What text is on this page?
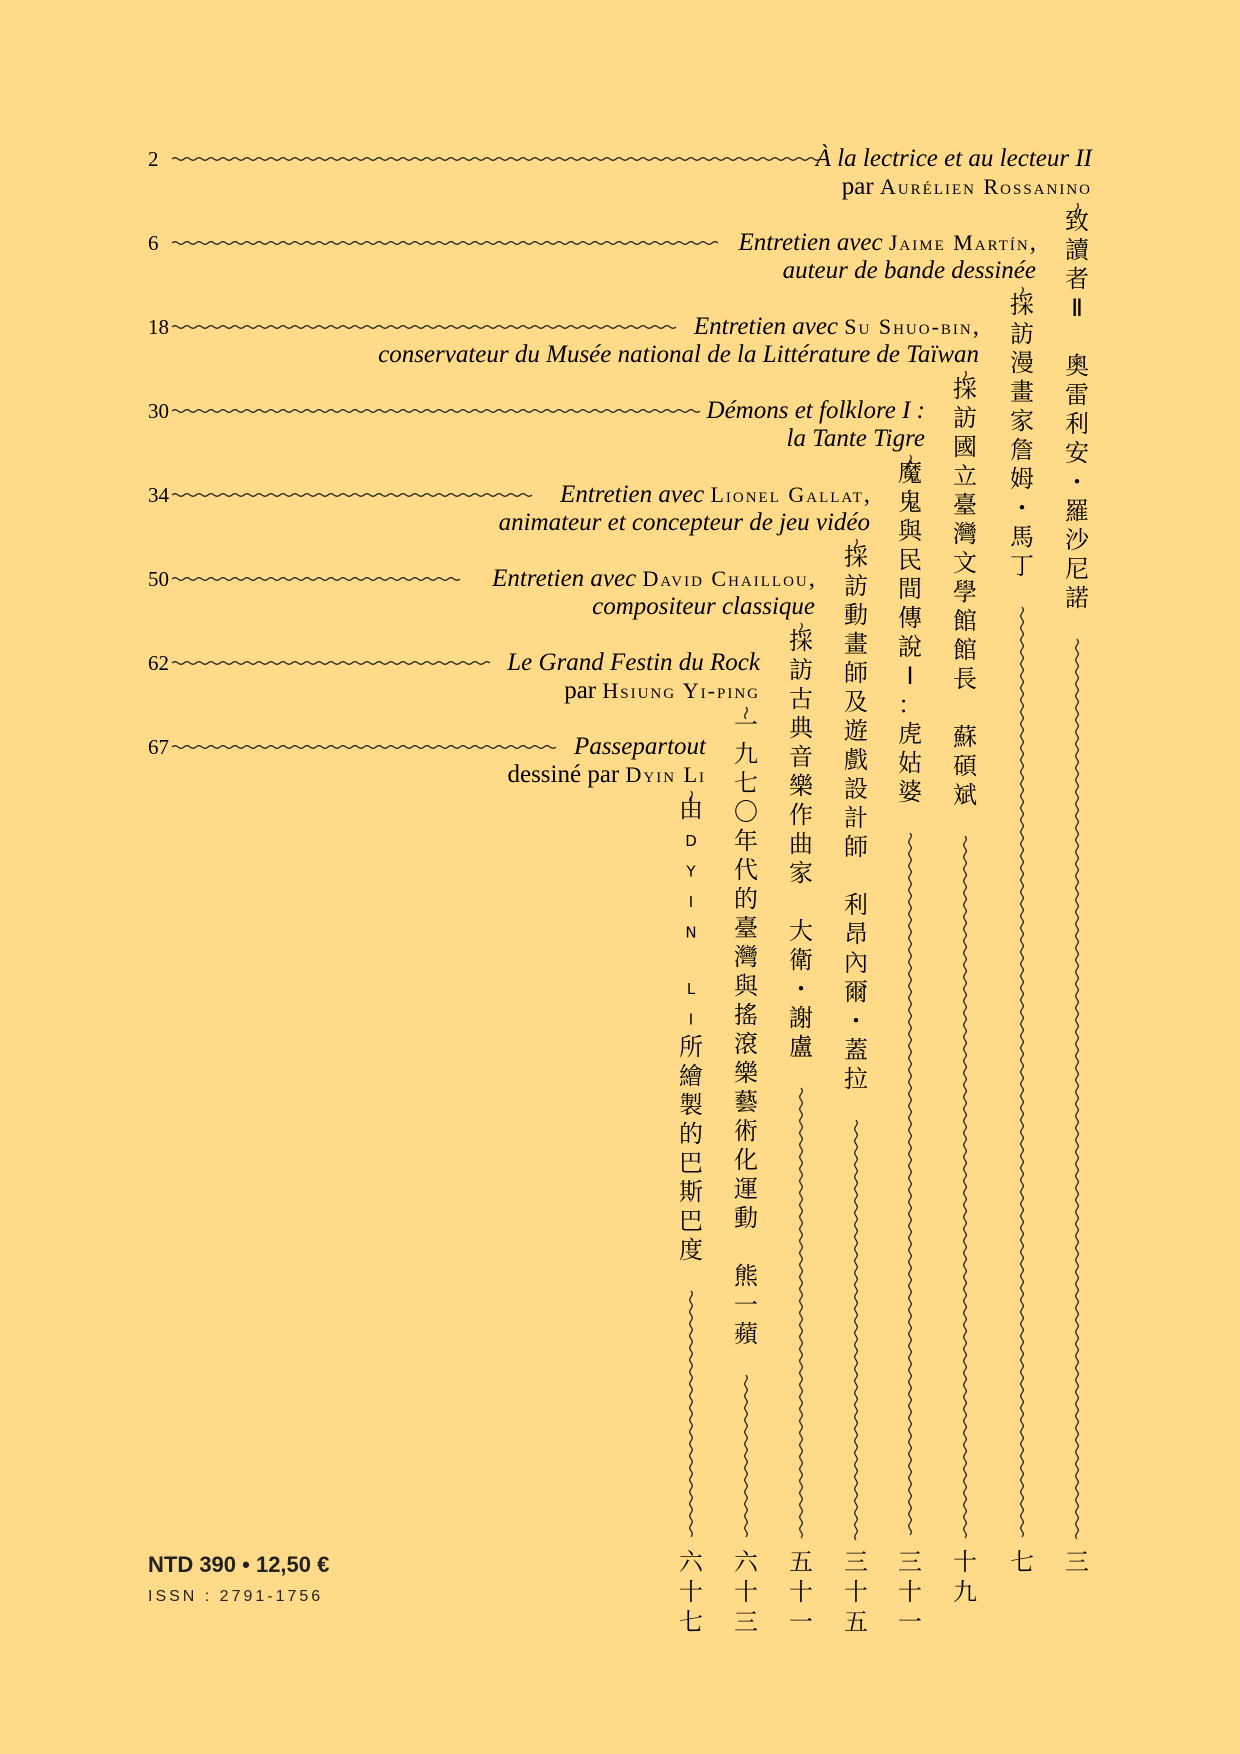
2	À la lectrice et au lecteur II
par Aurélien Rossanino
致讀者 Ⅱ　 奧雷利安・羅沙尼諾
三
6	Entretien avec Jaime Martín,
auteur de bande dessinée
採訪漫畫家詹姆・馬丁
七
18	Entretien avec Su Shuo-bin,
conservateur du Musée national de la Littérature de Taïwan
採訪國立臺灣文學館館長　蘇碩斌
十九
30	Démons et folklore I :
la Tante Tigre
魔鬼與民間傳說 Ⅰ ：虎姑婆
三十一
34	Entretien avec Lionel Gallat,
animateur et concepteur de jeu vidéo
採訪動畫師及遊戲設計師　利昂內爾・蓋拉
三十五
50	Entretien avec David Chaillou,
compositeur classique
採訪古典音樂作曲家　大衛・謝盧
五十一
62	Le Grand Festin du Rock
par Hsiung Yi-ping
一九七〇年代的臺灣與搖滾樂藝術化運動　熊一蘋
六十三
67	Passepartout
dessiné par Dyin Li
由 D Y I N L I 所繪製的巴斯巴度
六十七
NTD 390 • 12,50 €
ISSN : 2791-1756
